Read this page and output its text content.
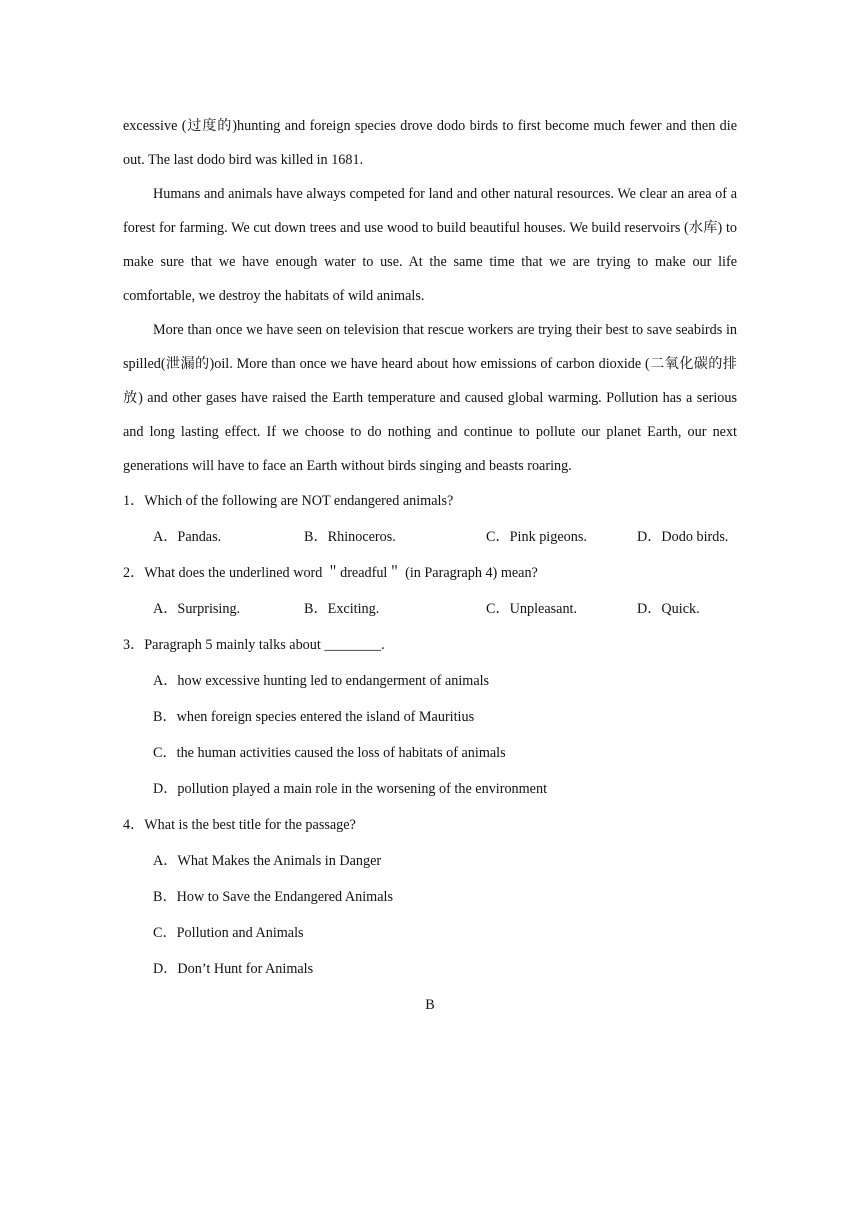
excessive (过度的)hunting and foreign species drove dodo birds to first become much fewer and then die out. The last dodo bird was killed in 1681.

Humans and animals have always competed for land and other natural resources. We clear an area of a forest for farming. We cut down trees and use wood to build beautiful houses. We build reservoirs (水库) to make sure that we have enough water to use. At the same time that we are trying to make our life comfortable, we destroy the habitats of wild animals.

More than once we have seen on television that rescue workers are trying their best to save seabirds in spilled(泄漏的)oil. More than once we have heard about how emissions of carbon dioxide (二氧化碳的排放) and other gases have raised the Earth temperature and caused global warming. Pollution has a serious and long lasting effect. If we choose to do nothing and continue to pollute our planet Earth, our next generations will have to face an Earth without birds singing and beasts roaring.

1．Which of the following are NOT endangered animals?

A．Pandas.	B．Rhinoceros.	C．Pink pigeons.	D．Dodo birds.

2．What does the underlined word ＂dreadful＂ (in Paragraph 4) mean?

A．Surprising.	B．Exciting.	C．Unpleasant.	D．Quick.

3．Paragraph 5 mainly talks about ________.

A．how excessive hunting led to endangerment of animals
B．when foreign species entered the island of Mauritius
C．the human activities caused the loss of habitats of animals
D．pollution played a main role in the worsening of the environment

4．What is the best title for the passage?

A．What Makes the Animals in Danger
B．How to Save the Endangered Animals
C．Pollution and Animals
D．Don’t Hunt for Animals
B
